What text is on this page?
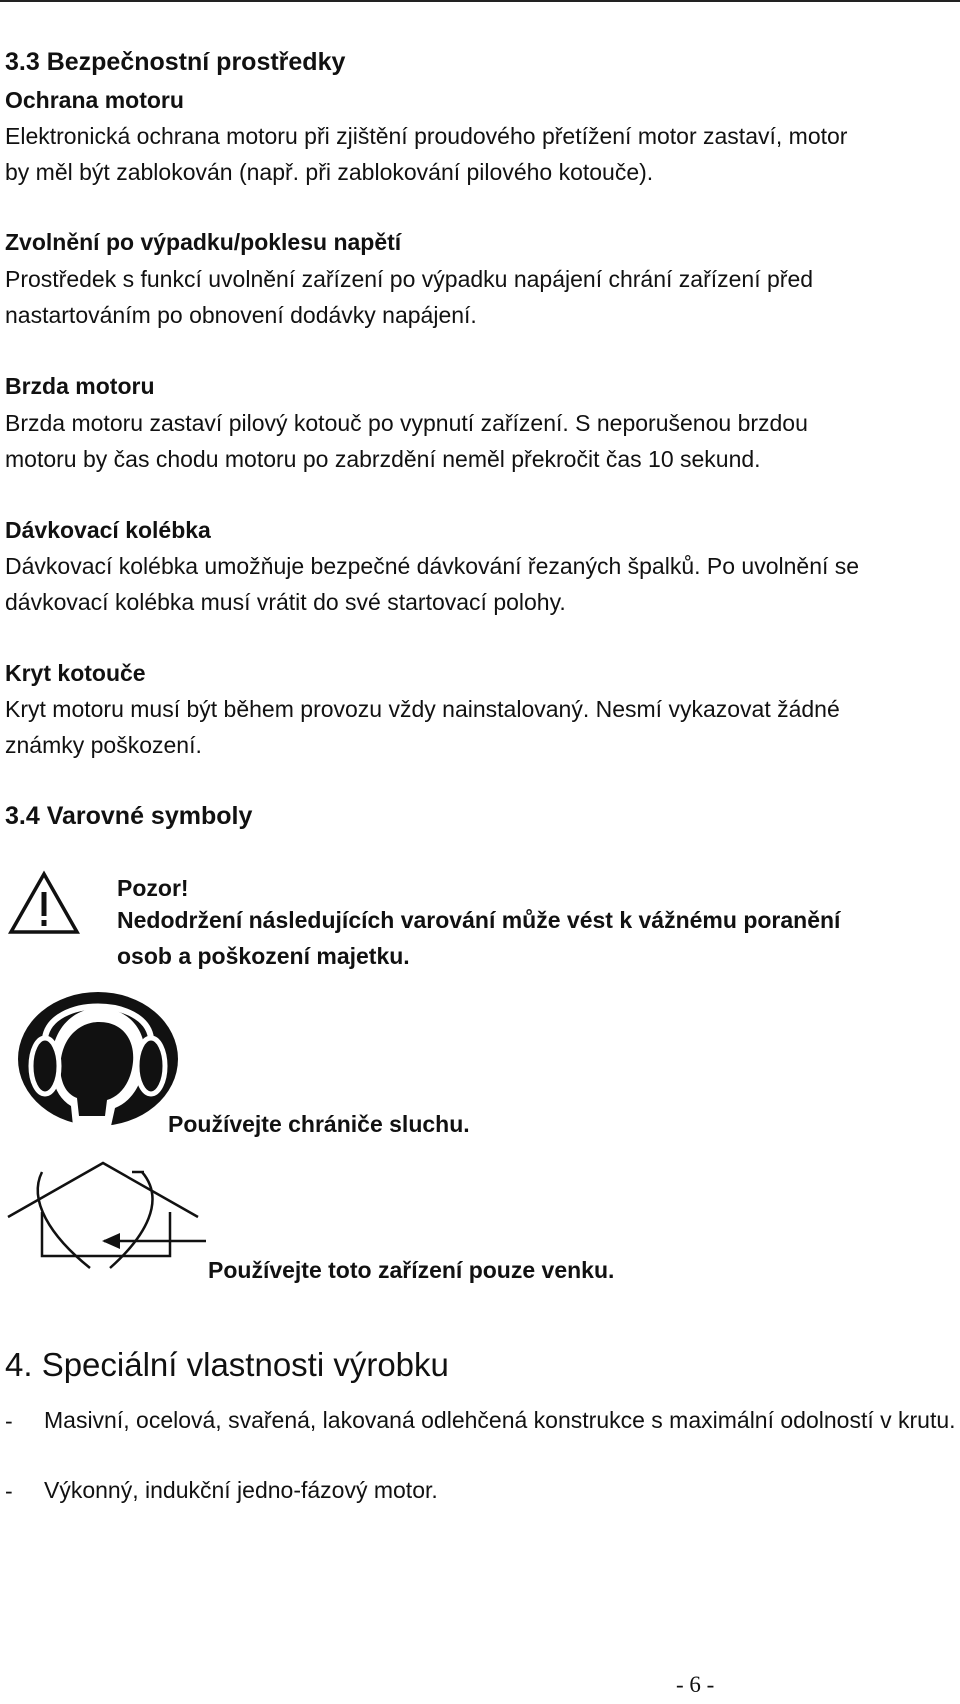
3.3 Bezpečnostní prostředky
Ochrana motoru
Elektronická ochrana motoru při zjištění proudového přetížení motor zastaví, motor
by měl být zablokován (např. při zablokování pilového kotouče).
Zvolnění po výpadku/poklesu napětí
Prostředek s funkcí uvolnění zařízení po výpadku napájení chrání zařízení před
nastartováním po obnovení dodávky napájení.
Brzda motoru
Brzda motoru zastaví pilový kotouč po vypnutí zařízení. S neporušenou brzdou
motoru by čas chodu motoru po zabrzdění neměl překročit čas 10 sekund.
Dávkovací kolébka
Dávkovací kolébka umožňuje bezpečné dávkování řezaných špalků. Po uvolnění se
dávkovací kolébka musí vrátit do své startovací polohy.
Kryt kotouče
Kryt motoru musí být během provozu vždy nainstalovaný. Nesmí vykazovat žádné
známky poškození.
3.4 Varovné symboly
Pozor!
Nedodržení následujících varování může vést k vážnému poranění
osob a poškození majetku.
Používejte chrániče sluchu.
Používejte toto zařízení pouze venku.
4. Speciální vlastnosti výrobku
- Masivní, ocelová, svařená, lakovaná odlehčená konstrukce s maximální odolností v krutu.
- Výkonný, indukční jedno-fázový motor.
- 6 -
